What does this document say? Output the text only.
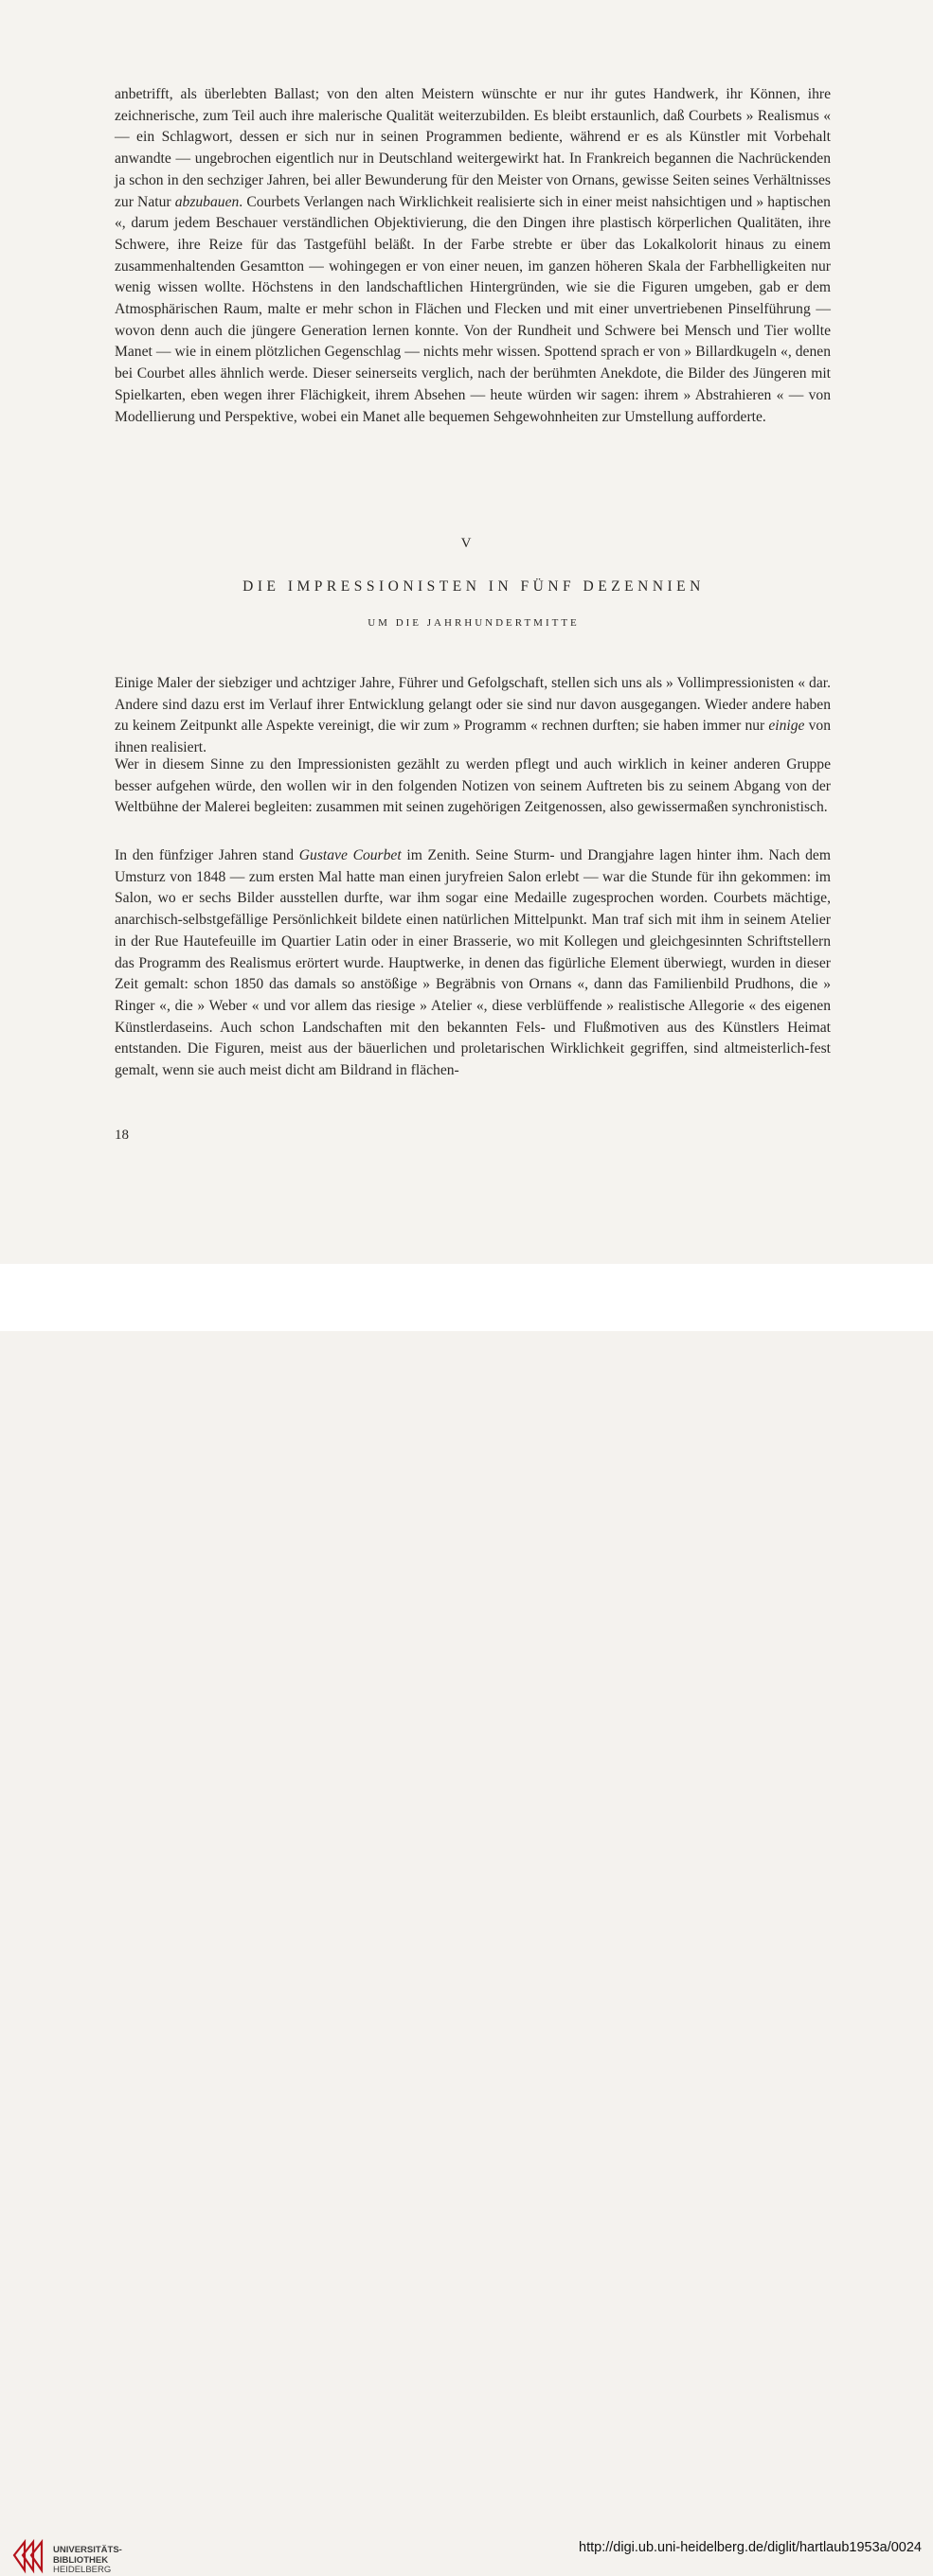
anbetrifft, als überlebten Ballast; von den alten Meistern wünschte er nur ihr gutes Handwerk, ihr Können, ihre zeichnerische, zum Teil auch ihre malerische Qualität weiterzubilden. Es bleibt erstaunlich, daß Courbets » Realismus « — ein Schlagwort, dessen er sich nur in seinen Programmen bediente, während er es als Künstler mit Vorbehalt anwandte — ungebrochen eigentlich nur in Deutschland weitergewirkt hat. In Frankreich begannen die Nachrückenden ja schon in den sechziger Jahren, bei aller Bewunderung für den Meister von Ornans, gewisse Seiten seines Verhältnisses zur Natur abzubauen. Courbets Verlangen nach Wirklichkeit realisierte sich in einer meist nahsichtigen und » haptischen «, darum jedem Beschauer verständlichen Objektivierung, die den Dingen ihre plastisch körperlichen Qualitäten, ihre Schwere, ihre Reize für das Tastgefühl beläßt. In der Farbe strebte er über das Lokalkolorit hinaus zu einem zusammenhaltenden Gesamtton — wohingegen er von einer neuen, im ganzen höheren Skala der Farbhelligkeiten nur wenig wissen wollte. Höchstens in den landschaftlichen Hintergründen, wie sie die Figuren umgeben, gab er dem Atmosphärischen Raum, malte er mehr schon in Flächen und Flecken und mit einer unvertriebenen Pinselführung — wovon denn auch die jüngere Generation lernen konnte. Von der Rundheit und Schwere bei Mensch und Tier wollte Manet — wie in einem plötzlichen Gegenschlag — nichts mehr wissen. Spottend sprach er von » Billardkugeln «, denen bei Courbet alles ähnlich werde. Dieser seinerseits verglich, nach der berühmten Anekdote, die Bilder des Jüngeren mit Spielkarten, eben wegen ihrer Flächigkeit, ihrem Absehen — heute würden wir sagen: ihrem » Abstrahieren « — von Modellierung und Perspektive, wobei ein Manet alle bequemen Sehgewohnheiten zur Umstellung aufforderte.

V
DIE IMPRESSIONISTEN IN FÜNF DEZENNIEN
UM DIE JAHRHUNDERTMITTE

Einige Maler der siebziger und achtziger Jahre, Führer und Gefolgschaft, stellen sich uns als » Vollimpressionisten « dar. Andere sind dazu erst im Verlauf ihrer Entwicklung gelangt oder sie sind nur davon ausgegangen. Wieder andere haben zu keinem Zeitpunkt alle Aspekte vereinigt, die wir zum » Programm « rechnen durften; sie haben immer nur einige von ihnen realisiert.

Wer in diesem Sinne zu den Impressionisten gezählt zu werden pflegt und auch wirklich in keiner anderen Gruppe besser aufgehen würde, den wollen wir in den folgenden Notizen von seinem Auftreten bis zu seinem Abgang von der Weltbühne der Malerei begleiten: zusammen mit seinen zugehörigen Zeitgenossen, also gewissermaßen synchronistisch.

In den fünfziger Jahren stand Gustave Courbet im Zenith. Seine Sturm- und Drangjahre lagen hinter ihm. Nach dem Umsturz von 1848 — zum ersten Mal hatte man einen juryfreien Salon erlebt — war die Stunde für ihn gekommen: im Salon, wo er sechs Bilder ausstellen durfte, war ihm sogar eine Medaille zugesprochen worden. Courbets mächtige, anarchisch-selbstgefällige Persönlichkeit bildete einen natürlichen Mittelpunkt. Man traf sich mit ihm in seinem Atelier in der Rue Hautefeuille im Quartier Latin oder in einer Brasserie, wo mit Kollegen und gleichgesinnten Schriftstellern das Programm des Realismus erörtert wurde. Hauptwerke, in denen das figürliche Element überwiegt, wurden in dieser Zeit gemalt: schon 1850 das damals so anstößige » Begräbnis von Ornans «, dann das Familienbild Prudhons, die » Ringer «, die » Weber « und vor allem das riesige » Atelier «, diese verblüffende » realistische Allegorie « des eigenen Künstlerdaseins. Auch schon Landschaften mit den bekannten Fels- und Flußmotiven aus des Künstlers Heimat entstanden. Die Figuren, meist aus der bäuerlichen und proletarischen Wirklichkeit gegriffen, sind altmeisterlich-fest gemalt, wenn sie auch meist dicht am Bildrand in flächen-

18
UNIVERSITÄTS-
BIBLIOTHEK
HEIDELBERG
http://digi.ub.uni-heidelberg.de/diglit/hartlaub1953a/0024
